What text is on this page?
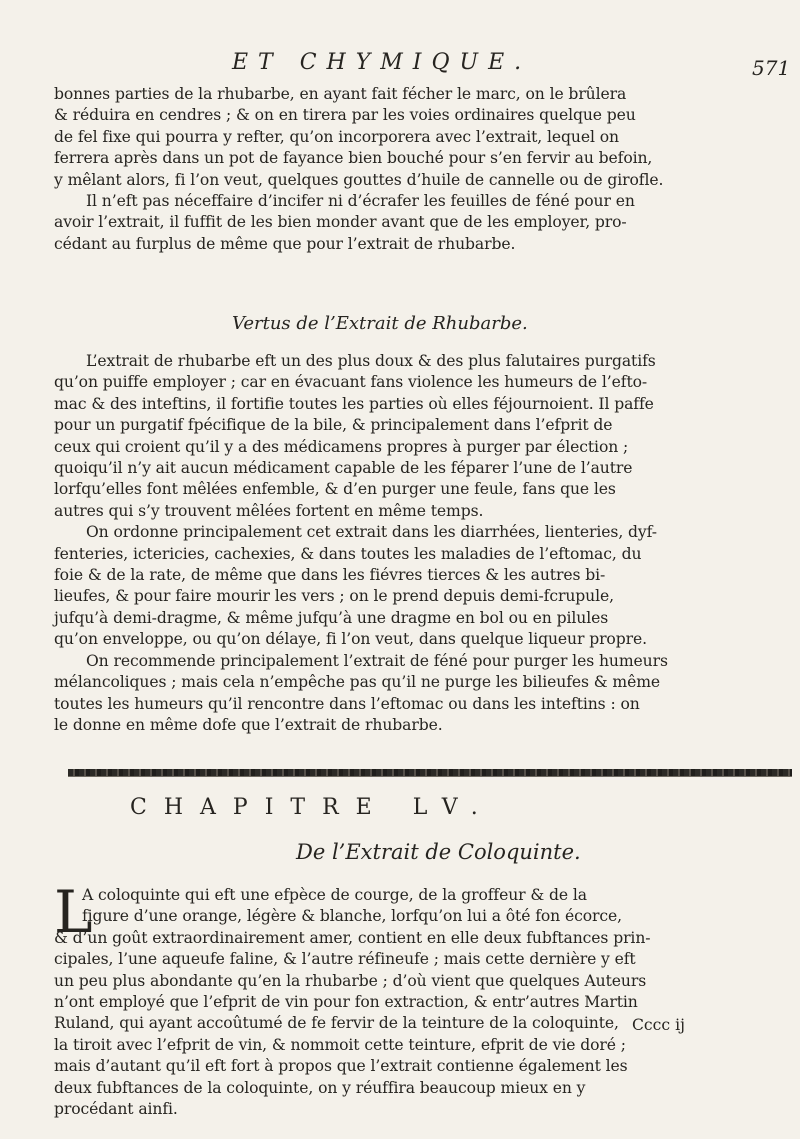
ET CHYMIQUE.	571

bonnes parties de la rhubarbe, en ayant fait fécher le marc, on le brûlera
& réduira en cendres ; & on en tirera par les voies ordinaires quelque peu
de fel fixe qui pourra y refter, qu’on incorporera avec l’extrait, lequel on
ferrera après dans un pot de fayance bien bouché pour s’en fervir au befoin,
y mêlant alors, fi l’on veut, quelques gouttes d’huile de cannelle ou de girofle.
Il n’eft pas néceffaire d’incifer ni d’écrafer les feuilles de féné pour en
avoir l’extrait, il fuffit de les bien monder avant que de les employer, pro-
cédant au furplus de même que pour l’extrait de rhubarbe.

Vertus de l’Extrait de Rhubarbe.

L’extrait de rhubarbe eft un des plus doux & des plus falutaires purgatifs
qu’on puiffe employer ; car en évacuant fans violence les humeurs de l’efto-
mac & des inteftins, il fortifie toutes les parties où elles féjournoient. Il paffe
pour un purgatif fpécifique de la bile, & principalement dans l’efprit de
ceux qui croient qu’il y a des médicamens propres à purger par élection ;
quoiqu’il n’y ait aucun médicament capable de les féparer l’une de l’autre
lorfqu’elles font mêlées enfemble, & d’en purger une feule, fans que les
autres qui s’y trouvent mêlées fortent en même temps.
On ordonne principalement cet extrait dans les diarrhées, lienteries, dyf-
fenteries, ictericies, cachexies, & dans toutes les maladies de l’eftomac, du
foie & de la rate, de même que dans les fiévres tierces & les autres bi-
lieufes, & pour faire mourir les vers ; on le prend depuis demi-fcrupule,
jufqu’à demi-dragme, & même jufqu’à une dragme en bol ou en pilules
qu’on enveloppe, ou qu’on délaye, fi l’on veut, dans quelque liqueur propre.
On recommende principalement l’extrait de féné pour purger les humeurs
mélancoliques ; mais cela n’empêche pas qu’il ne purge les bilieufes & même
toutes les humeurs qu’il rencontre dans l’eftomac ou dans les inteftins : on
le donne en même dofe que l’extrait de rhubarbe.

CHAPITRE LV.
De l’Extrait de Coloquinte.
L

A coloquinte qui eft une efpèce de courge, de la groffeur & de la
figure d’une orange, légère & blanche, lorfqu’on lui a ôté fon écorce,
& d’un goût extraordinairement amer, contient en elle deux fubftances prin-
cipales, l’une aqueufe faline, & l’autre réfineufe ; mais cette dernière y eft
un peu plus abondante qu’en la rhubarbe ; d’où vient que quelques Auteurs
n’ont employé que l’efprit de vin pour fon extraction, & entr’autres Martin
Ruland, qui ayant accoûtumé de fe fervir de la teinture de la coloquinte,
la tiroit avec l’efprit de vin, & nommoit cette teinture, efprit de vie doré ;
mais d’autant qu’il eft fort à propos que l’extrait contienne également les
deux fubftances de la coloquinte, on y réuffira beaucoup mieux en y
procédant ainfi.

Cccc ij
